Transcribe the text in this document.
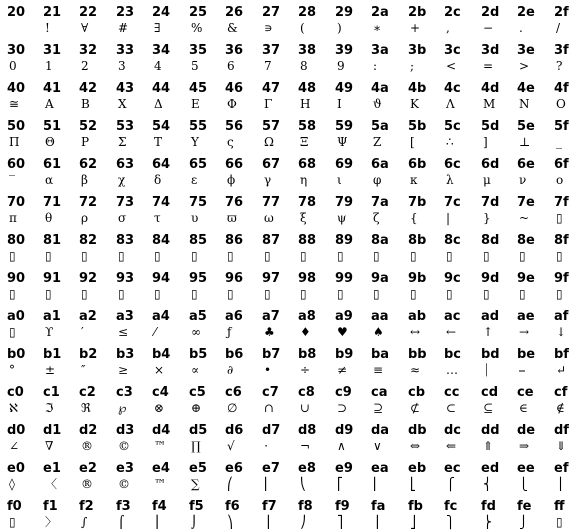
20 21
!
22
∀
23
#
24
∃
25
%
26
&
27
∍
28
(
29
)
2a
∗
2b
+
2c
,
2d
−
2e
.
2f
/
30
0
31
1
32
2
33
3
34
4
35
5
36
6
37
7
38
8
39
9
3a
:
3b
;
3c
<
3d
=
3e
>
3f
?
40
≅
41
Α
42
Β
43
Χ
44
Δ
45
Ε
46
Φ
47
Γ
48
Η
49
Ι
4a
ϑ
4b
Κ
4c
Λ
4d
Μ
4e
Ν
4f
Ο
50
Π
51
Θ
52
Ρ
53
Σ
54
Τ
55
Υ
56
ς
57
Ω
58
Ξ
59
Ψ
5a
Ζ
5b
[
5c
∴
5d
]
5e
⊥
5f
_
60
‾
61
α
62
β
63
χ
64
δ
65
ε
66
ϕ
67
γ
68
η
69
ι
6a
φ
6b
κ
6c
λ
6d
μ
6e
ν
6f
ο
70
π
71
θ
72
ρ
73
σ
74
τ
75
υ
76
ϖ
77
ω
78
ξ
79
ψ
7a
ζ
7b
{
7c
|
7d
}
7e
~
7f
▯
80
▯
81
▯
82
▯
83
▯
84
▯
85
▯
86
▯
87
▯
88
▯
89
▯
8a
▯
8b
▯
8c
▯
8d
▯
8e
▯
8f
▯
90
▯
91
▯
92
▯
93
▯
94
▯
95
▯
96
▯
97
▯
98
▯
99
▯
9a
▯
9b
▯
9c
▯
9d
▯
9e
▯
9f
▯
a0
▯
a1
ϒ
a2
′
a3
≤
a4
⁄
a5
∞
a6
ƒ
a7
♣
a8
♦
a9
♥
aa
♠
ab
↔
ac
←
ad
↑
ae
→
af
↓
b0
°
b1
±
b2
″
b3
≥
b4
×
b5
∝
b6
∂
b7
•
b8
÷
b9
≠
ba
≡
bb
≈
bc
…
bd
⏐
be
⎯
bf
↵
c0
ℵ
c1
ℑ
c2
ℜ
c3
℘
c4
⊗
c5
⊕
c6
∅
c7
∩
c8
∪
c9
⊃
ca
⊇
cb
⊄
cc
⊂
cd
⊆
ce
∈
cf
∉
d0
∠
d1
∇
d2
®
d3
©
d4
™
d5
∏
d6
√
d7
⋅
d8
¬
d9
∧
da
∨
db
⇔
dc
⇐
dd
⇑
de
⇒
df
⇓
e0
◊
e1
〈
e2
®
e3
©
e4
™
e5
∑
e6
⎛
e7
⎜
e8
⎝
e9
⎡
ea
⎢
eb
⎣
ec
⎧
ed
⎨
ee
⎩
ef
⎪
f0
▯
f1
〉
f2
∫
f3
⌠
f4
⎮
f5
⌡
f6
⎞
f7
⎟
f8
⎠
f9
⎤
fa
⎥
fb
⎦
fc
⎫
fd
⎬
fe
⎭
ff
▯
